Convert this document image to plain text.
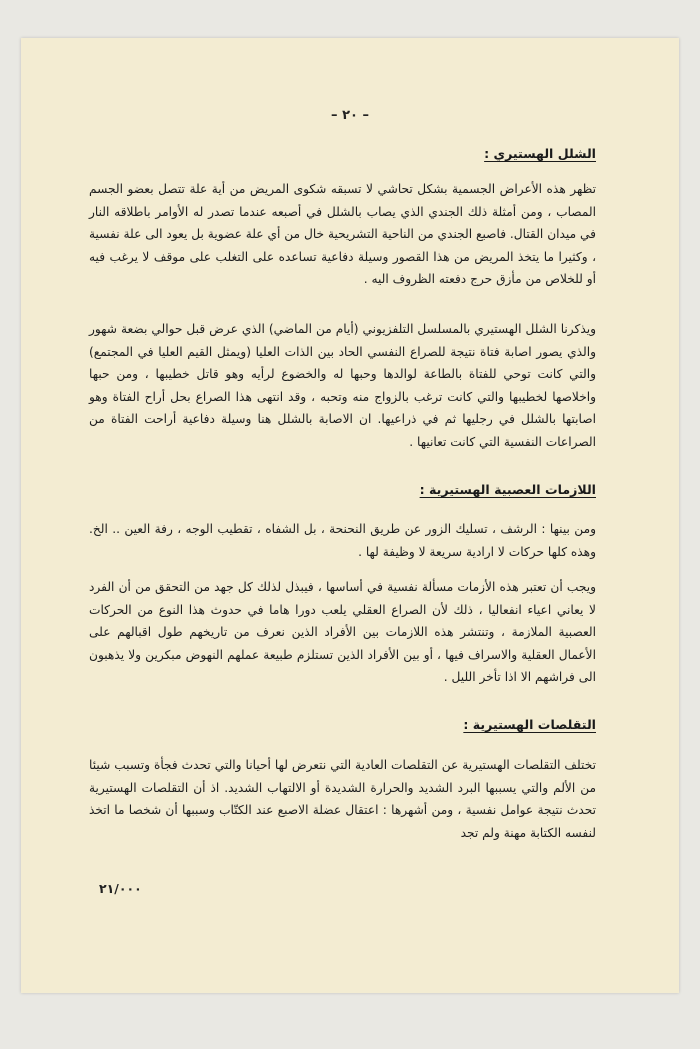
– ٢٠ –
الشلل الهستيري :
تظهر هذه الأعراض الجسمية بشكل تحاشي لا تسبقه شكوى المريض من أية علة تتصل بعضو الجسم المصاب ، ومن أمثلة ذلك الجندي الذي يصاب بالشلل في أصبعه عندما تصدر له الأوامر باطلاقه النار في ميدان القتال. فاصبع الجندي من الناحية التشريحية خال من أي علة عضوية بل يعود الى علة نفسية ، وكثيرا ما يتخذ المريض من هذا القصور وسيلة دفاعية تساعده على التغلب على موقف لا يرغب فيه أو للخلاص من مأزق حرج دفعته الظروف اليه .
ويذكرنا الشلل الهستيري بالمسلسل التلفزيوني (أيام من الماضي) الذي عرض قبل حوالي بضعة شهور والذي يصور اصابة فتاة نتيجة للصراع النفسي الحاد بين الذات العليا (ويمثل القيم العليا في المجتمع) والتي كانت توحي للفتاة بالطاعة لوالدها وحبها له والخضوع لرأيه وهو قاتل خطيبها ، ومن حبها واخلاصها لخطيبها والتي كانت ترغب بالزواج منه وتحبه ، وقد انتهى هذا الصراع بحل أراح الفتاة وهو اصابتها بالشلل في رجليها ثم في ذراعيها. ان الاصابة بالشلل هنا وسيلة دفاعية أراحت الفتاة من الصراعات النفسية التي كانت تعانيها .
اللازمات العصبية الهستيرية :
ومن بينها : الرشف ، تسليك الزور عن طريق النحنحة ، بل الشفاه ، تقطيب الوجه ، رفة العين .. الخ. وهذه كلها حركات لا ارادية سريعة لا وظيفة لها .
ويجب أن تعتبر هذه الأزمات مسألة نفسية في أساسها ، فيبذل لذلك كل جهد من التحقق من أن الفرد لا يعاني اعياء انفعاليا ، ذلك لأن الصراع العقلي يلعب دورا هاما في حدوث هذا النوع من الحركات العصبية الملازمة ، وتنتشر هذه اللازمات بين الأفراد الذين نعرف من تاريخهم طول اقبالهم على الأعمال العقلية والاسراف فيها ، أو بين الأفراد الذين تستلزم طبيعة عملهم النهوض مبكرين ولا يذهبون الى فراشهم الا اذا تأخر الليل .
التقلصات الهستيرية :
تختلف التقلصات الهستيرية عن التقلصات العادية التي نتعرض لها أحيانا والتي تحدث فجأة وتسبب شيئا من الألم والتي يسببها البرد الشديد والحرارة الشديدة أو الالتهاب الشديد. اذ أن التقلصات الهستيرية تحدث نتيجة عوامل نفسية ، ومن أشهرها : اعتقال عضلة الاصبع عند الكتّاب وسببها أن شخصا ما اتخذ لنفسه الكتابة مهنة ولم تجد
٢١/٠٠٠
